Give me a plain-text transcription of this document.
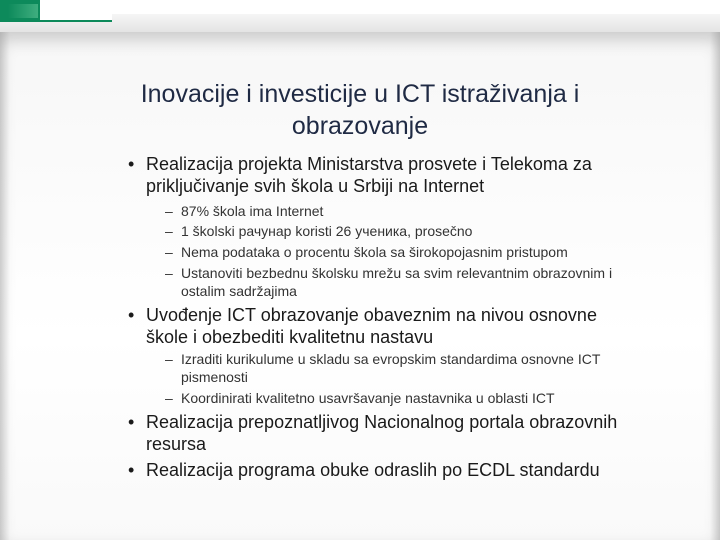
Inovacije i investicije u ICT istraživanja i
obrazovanje
• Realizacija projekta Ministarstva prosvete i Telekoma za
priključivanje svih škola u Srbiji na Internet
– 87% škola ima Internet
– 1 školski рачунар koristi 26 ученика, prosečno
– Nema podataka o procentu škola sa širokopojasnim pristupom
– Ustanoviti bezbednu školsku mrežu sa svim relevantnim obrazovnim i
ostalim sadržajima
• Uvođenje ICT obrazovanje obaveznim na nivou osnovne
škole i obezbediti kvalitetnu nastavu
– Izraditi kurikulume u skladu sa evropskim standardima osnovne ICT
pismenosti
– Koordinirati kvalitetno usavršavanje nastavnika u oblasti ICT
• Realizacija prepoznatljivog Nacionalnog portala obrazovnih
resursa
• Realizacija programa obuke odraslih po ECDL standardu
